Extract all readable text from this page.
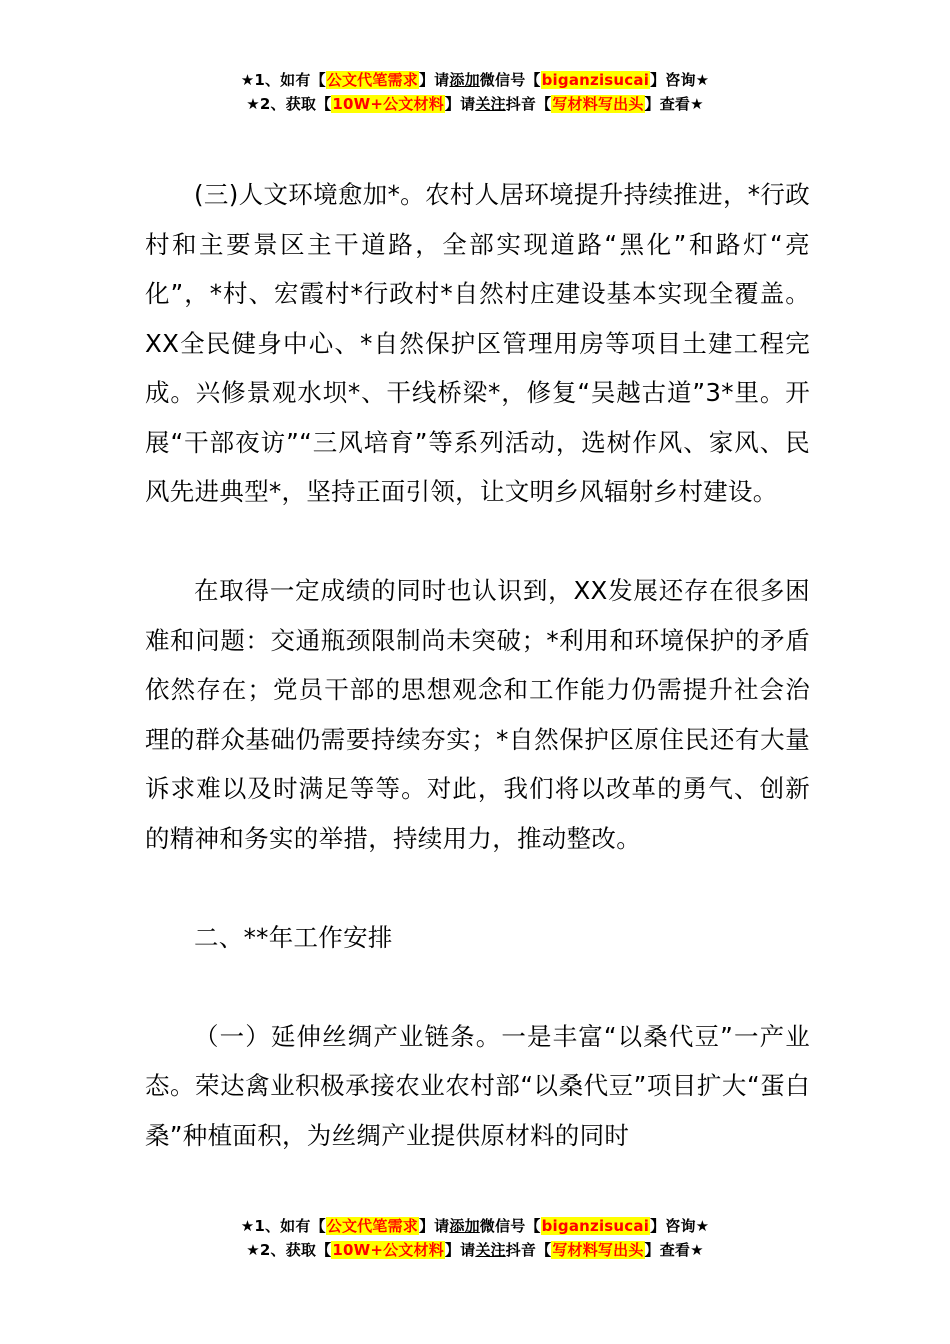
★1、如有【公文代笔需求】请添加微信号【biganzisucai】咨询★
★2、获取【10W+公文材料】请关注抖音【写材料写出头】查看★

(三)人文环境愈加*。农村人居环境提升持续推进，*行政村和主要景区主干道路，全部实现道路“黑化”和路灯“亮化”，*村、宏霞村*行政村*自然村庄建设基本实现全覆盖。XX全民健身中心、*自然保护区管理用房等项目土建工程完成。兴修景观水坝*、干线桥梁*，修复“吴越古道”3*里。开展“干部夜访”“三风培育”等系列活动，选树作风、家风、民风先进典型*，坚持正面引领，让文明乡风辐射乡村建设。

在取得一定成绩的同时也认识到，XX发展还存在很多困难和问题：交通瓶颈限制尚未突破；*利用和环境保护的矛盾依然存在；党员干部的思想观念和工作能力仍需提升社会治理的群众基础仍需要持续夯实；*自然保护区原住民还有大量诉求难以及时满足等等。对此，我们将以改革的勇气、创新的精神和务实的举措，持续用力，推动整改。

二、**年工作安排

（一）延伸丝绸产业链条。一是丰富“以桑代豆”一产业态。荣达禽业积极承接农业农村部“以桑代豆”项目扩大“蛋白桑”种植面积，为丝绸产业提供原材料的同时

★1、如有【公文代笔需求】请添加微信号【biganzisucai】咨询★
★2、获取【10W+公文材料】请关注抖音【写材料写出头】查看★
